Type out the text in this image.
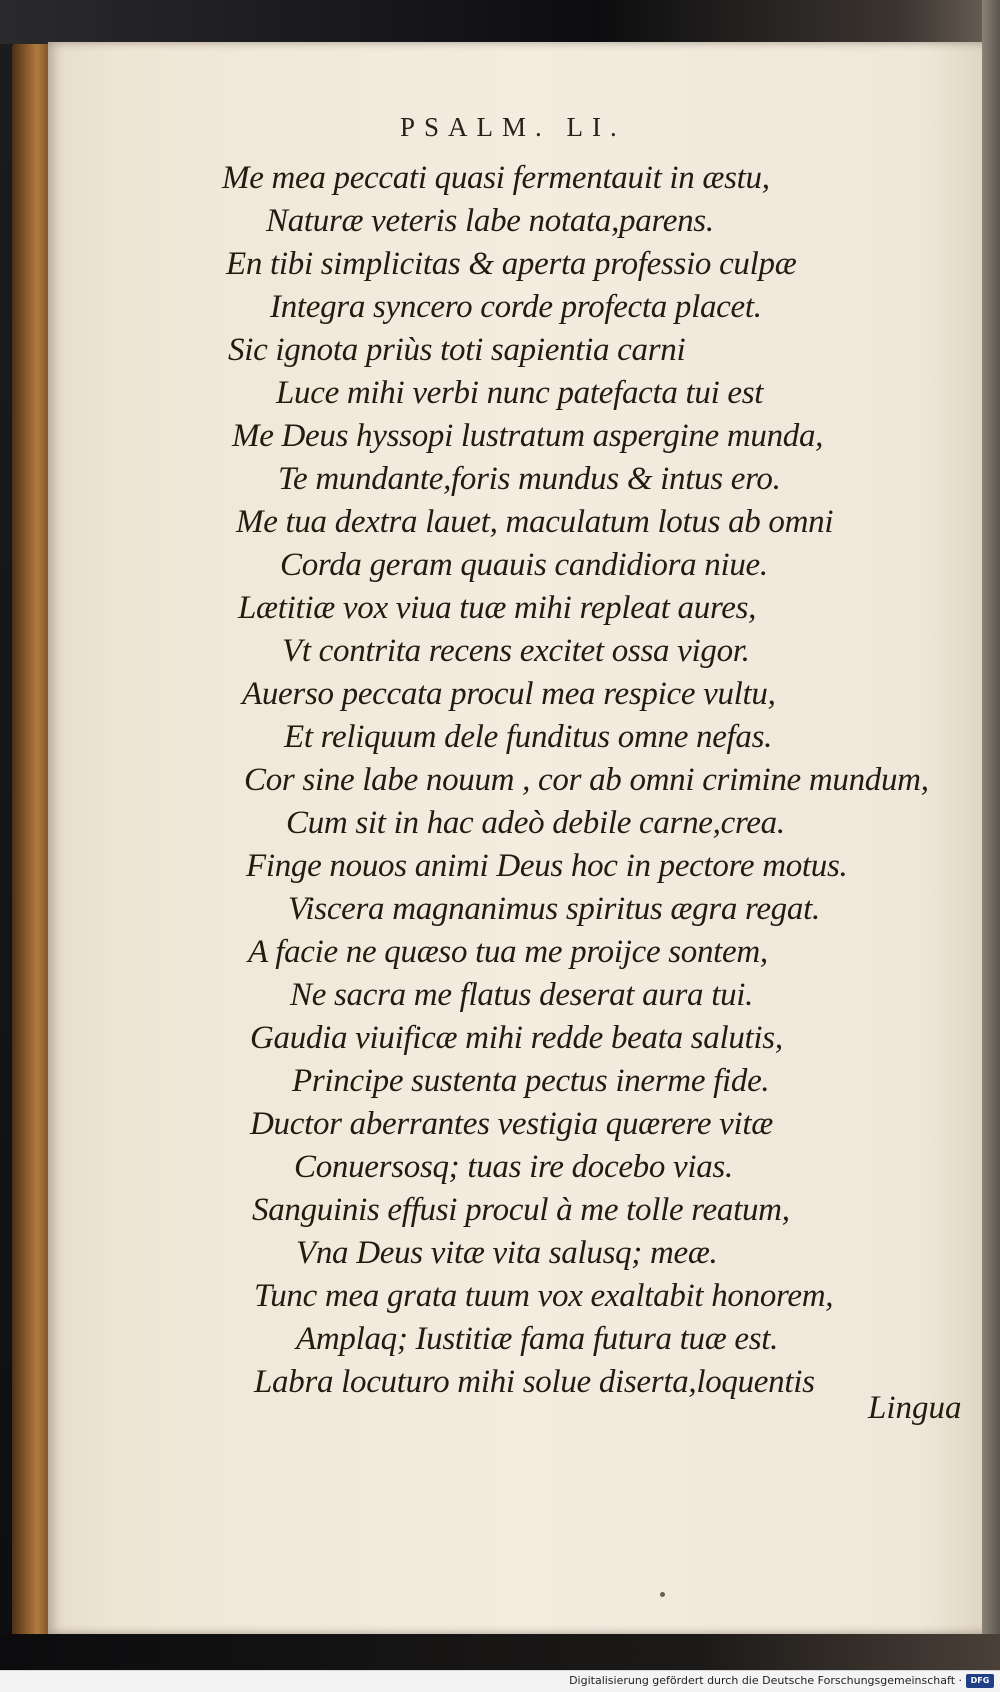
PSALM. LI.
Me mea peccati quasi fermentauit in æstu,
Naturæ veteris labe notata,parens.
En tibi simplicitas & aperta professio culpæ
Integra syncero corde profecta placet.
Sic ignota priùs toti sapientia carni
Luce mihi verbi nunc patefacta tui est
Me Deus hyssopi lustratum aspergine munda,
Te mundante,foris mundus & intus ero.
Me tua dextra lauet, maculatum lotus ab omni
Corda geram quauis candidiora niue.
Lætitiæ vox viua tuæ mihi repleat aures,
Vt contrita recens excitet ossa vigor.
Auerso peccata procul mea respice vultu,
Et reliquum dele funditus omne nefas.
Cor sine labe nouum , cor ab omni crimine mundum,
Cum sit in hac adeò debile carne,crea.
Finge nouos animi Deus hoc in pectore motus.
Viscera magnanimus spiritus ægra regat.
A facie ne quæso tua me proijce sontem,
Ne sacra me flatus deserat aura tui.
Gaudia viuificæ mihi redde beata salutis,
Principe sustenta pectus inerme fide.
Ductor aberrantes vestigia quærere vitæ
Conuersosq; tuas ire docebo vias.
Sanguinis effusi procul à me tolle reatum,
Vna Deus vitæ vita salusq; meæ.
Tunc mea grata tuum vox exaltabit honorem,
Amplaq; Iustitiæ fama futura tuæ est.
Labra locuturo mihi solue diserta,loquentis
Lingua
Digitalisierung gefördert durch die Deutsche Forschungsgemeinschaft ·	DFG
